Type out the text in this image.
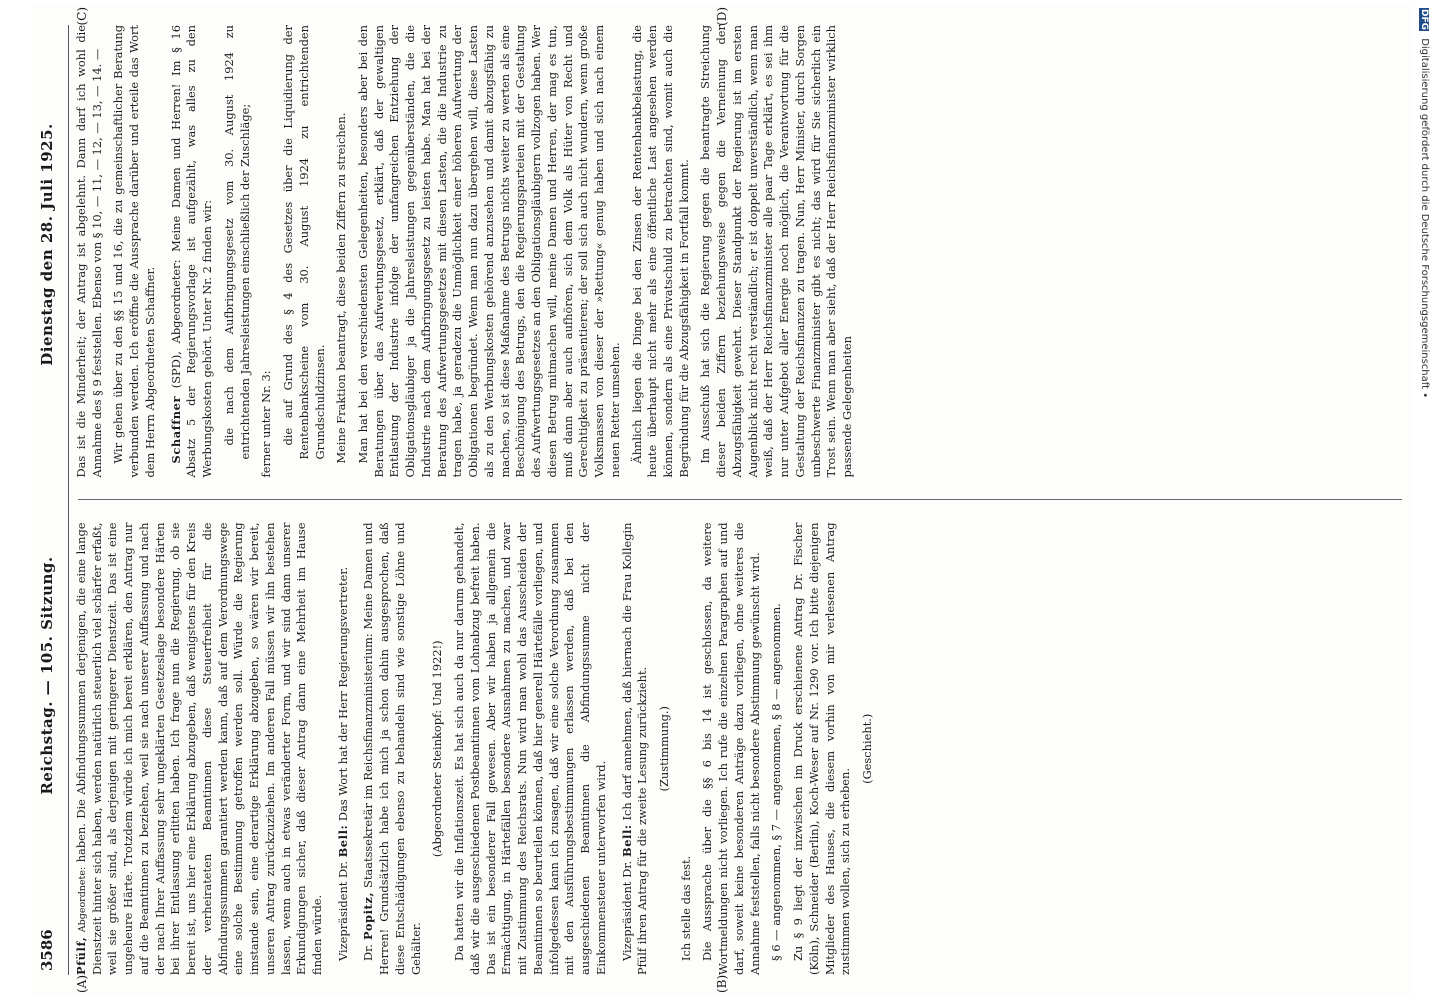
3586
Reichstag. — 105. Sitzung.
Dienstag den 28. Juli 1925.
(A)	(B)

Pfülf, Abgeordnete: haben. Die Abfindungssummen derjenigen, die eine lange Dienstzeit hinter sich haben, werden natürlich steuerlich viel schärfer erfaßt, weil sie größer sind, als derjenigen mit geringerer Dienstzeit. Das ist eine ungeheure Härte. Trotzdem würde ich mich bereit erklären, den Antrag nur auf die Beamtinnen zu beziehen, weil sie nach unserer Auffassung und nach der nach Ihrer Auffassung sehr ungeklärten Gesetzeslage besondere Härten bei ihrer Entlassung erlitten haben. Ich frage nun die Regierung, ob sie bereit ist, uns hier eine Erklärung abzugeben, daß wenigstens für den Kreis der verheirateten Beamtinnen diese Steuerfreiheit für die Abfindungssummen garantiert werden kann, daß auf dem Verordnungswege eine solche Bestimmung getroffen werden soll. Würde die Regierung imstande sein, eine derartige Erklärung abzugeben, so wären wir bereit, unseren Antrag zurückzuziehen. Im anderen Fall müssen wir ihn bestehen lassen, wenn auch in etwas veränderter Form, und wir sind dann unserer Erkundigungen sicher, daß dieser Antrag dann eine Mehrheit im Hause finden würde. Vizepräsident Dr. Bell: Das Wort hat der Herr Regierungsvertreter.

Dr. Popitz, Staatssekretär im Reichsfinanzministerium: Meine Damen und Herren! Grundsätzlich habe ich mich ja schon dahin ausgesprochen, daß diese Entschädigungen ebenso zu behandeln sind wie sonstige Löhne und Gehälter.

(Abgeordneter Steinkopf: Und 1922!) Da hatten wir die Inflationszeit. Es hat sich auch da nur darum gehandelt, daß wir die ausgeschiedenen Postbeamtinnen vom Lohnabzug befreit haben. Das ist ein besonderer Fall gewesen. Aber wir haben ja allgemein die Ermächtigung, in Härtefällen besondere Ausnahmen zu machen, und zwar mit Zustimmung des Reichsrats. Nun wird man wohl das Ausscheiden der Beamtinnen so beurteilen können, daß hier generell Härtefälle vorliegen, und infolgedessen kann ich zusagen, daß wir eine solche Verordnung zusammen mit den Ausführungsbestimmungen erlassen werden, daß bei den ausgeschiedenen Beamtinnen die Abfindungssumme nicht der Einkommensteuer unterworfen wird. Vizepräsident Dr. Bell: Ich darf annehmen, daß hiernach die Frau Kollegin Pfülf ihren Antrag für die zweite Lesung zurückzieht. (Zustimmung.)

Ich stelle das fest. Die Aussprache über die §§ 6 bis 14 ist geschlossen, da weitere Wortmeldungen nicht vorliegen. Ich rufe die einzelnen Paragraphen auf und darf, soweit keine besonderen Anträge dazu vorliegen, ohne weiteres die Annahme feststellen, falls nicht besondere Abstimmung gewünscht wird. § 6 — angenommen, § 7 — angenommen, § 8 — angenommen. Zu § 9 liegt der inzwischen im Druck erschienene Antrag Dr. Fischer (Köln), Schneider (Berlin), Koch-Weser auf Nr. 1290 vor. Ich bitte diejenigen Mitglieder des Hauses, die diesem vorhin von mir verlesenen Antrag zustimmen wollen, sich zu erheben.

(Geschieht.)

(C)	(D)

Das ist die Minderheit; der Antrag ist abgelehnt. Dann darf ich wohl die Annahme des § 9 feststellen. Ebenso von § 10, — 11, — 12, — 13, — 14. — Wir gehen über zu den §§ 15 und 16, die zu gemeinschaftlicher Beratung verbunden werden. Ich eröffne die Aussprache darüber und erteile das Wort dem Herrn Abgeordneten Schaffner. Schaffner (SPD), Abgeordneter: Meine Damen und Herren! Im § 16 Absatz 5 der Regierungsvorlage ist aufgezählt, was alles zu den Werbungskosten gehört. Unter Nr. 2 finden wir: die nach dem Aufbringungsgesetz vom 30. August 1924 zu entrichtenden Jahresleistungen einschließlich der Zuschläge; ferner unter Nr. 3: die auf Grund des § 4 des Gesetzes über die Liquidierung der Rentenbankscheine vom 30. August 1924 zu entrichtenden Grundschuldzinsen. Meine Fraktion beantragt, diese beiden Ziffern zu streichen. Man hat bei den verschiedensten Gelegenheiten, besonders aber bei den Beratungen über das Aufwertungsgesetz, erklärt, daß der gewaltigen Entlastung der Industrie infolge der umfangreichen Entziehung der Obligationsgläubiger ja die Jahresleistungen gegenüberständen, die die Industrie nach dem Aufbringungsgesetz zu leisten habe. Man hat bei der Beratung des Aufwertungsgesetzes mit diesen Lasten, die die Industrie zu tragen habe, ja geradezu die Unmöglichkeit einer höheren Aufwertung der Obligationen begründet. Wenn man nun dazu übergehen will, diese Lasten als zu den Werbungskosten gehörend anzusehen und damit abzugsfähig zu machen, so ist diese Maßnahme des Betrugs nichts weiter zu werten als eine Beschönigung des Betrugs, den die Regierungsparteien mit der Gestaltung des Aufwertungsgesetzes an den Obligationsgläubigern vollzogen haben. Wer diesen Betrug mitmachen will, meine Damen und Herren, der mag es tun, muß dann aber auch aufhören, sich dem Volk als Hüter von Recht und Gerechtigkeit zu präsentieren; der soll sich auch nicht wundern, wenn große Volksmassen von dieser der »Rettung« genug haben und sich nach einem neuen Retter umsehen. Ähnlich liegen die Dinge bei den Zinsen der Rentenbankbelastung, die heute überhaupt nicht mehr als eine öffentliche Last angesehen werden können, sondern als eine Privatschuld zu betrachten sind, womit auch die Begründung für die Abzugsfähigkeit in Fortfall kommt. Im Ausschuß hat sich die Regierung gegen die beantragte Streichung dieser beiden Ziffern beziehungsweise gegen die Verneinung der Abzugsfähigkeit gewehrt. Dieser Standpunkt der Regierung ist im ersten Augenblick nicht recht verständlich; er ist doppelt unverständlich, wenn man weiß, daß der Herr Reichsfinanzminister alle paar Tage erklärt, es sei ihm nur unter Aufgebot aller Energie noch möglich, die Verantwortung für die Gestaltung der Reichsfinanzen zu tragen. Nun, Herr Minister, durch Sorgen unbeschwerte Finanzminister gibt es nicht; das wird für Sie sicherlich ein Trost sein. Wenn man aber sieht, daß der Herr Reichsfinanzminister wirklich passende Gelegenheiten

DFG Digitalisierung gefördert durch die Deutsche Forschungsgemeinschaft •
